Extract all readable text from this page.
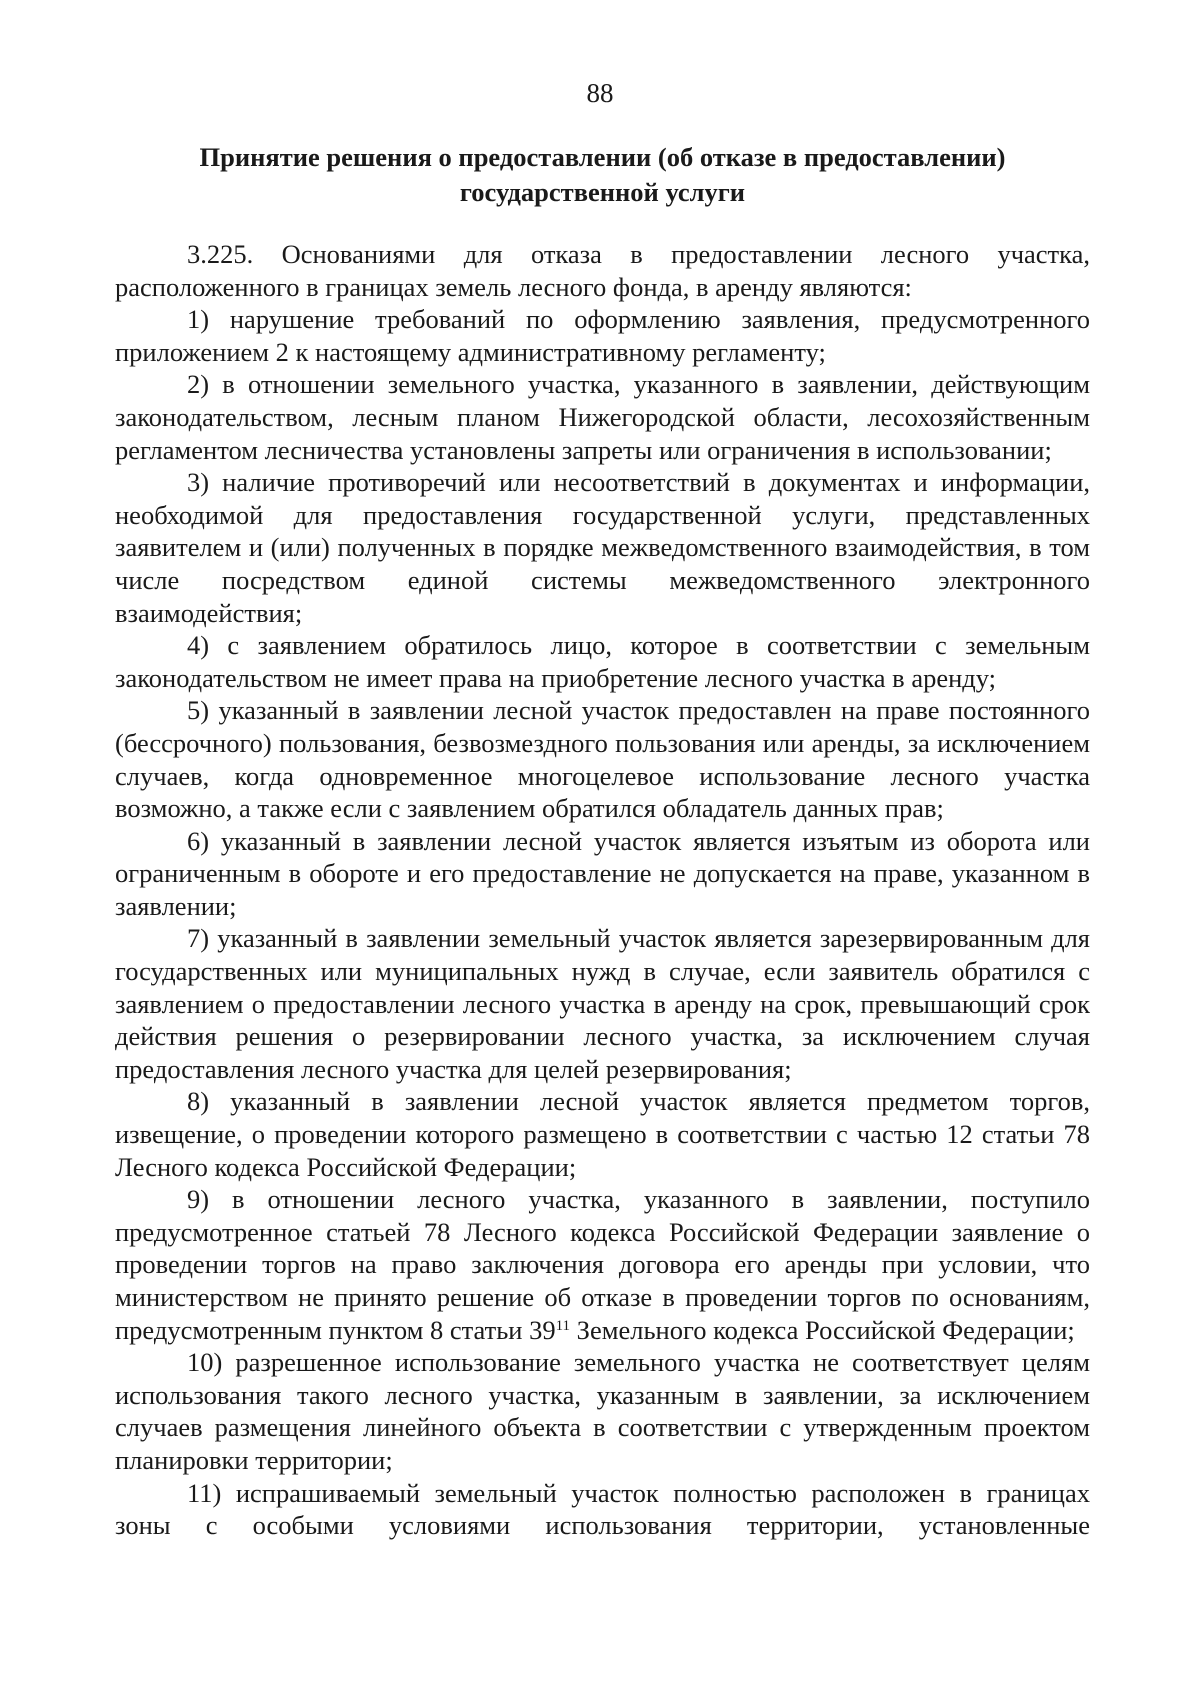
88
Принятие решения о предоставлении (об отказе в предоставлении) государственной услуги

3.225. Основаниями для отказа в предоставлении лесного участка, расположенного в границах земель лесного фонда, в аренду являются:

1) нарушение требований по оформлению заявления, предусмотренного приложением 2 к настоящему административному регламенту;

2) в отношении земельного участка, указанного в заявлении, действующим законодательством, лесным планом Нижегородской области, лесохозяйственным регламентом лесничества установлены запреты или ограничения в использовании;

3) наличие противоречий или несоответствий в документах и информации, необходимой для предоставления государственной услуги, представленных заявителем и (или) полученных в порядке межведомственного взаимодействия, в том числе посредством единой системы межведомственного электронного взаимодействия;

4) с заявлением обратилось лицо, которое в соответствии с земельным законодательством не имеет права на приобретение лесного участка в аренду;

5) указанный в заявлении лесной участок предоставлен на праве постоянного (бессрочного) пользования, безвозмездного пользования или аренды, за исключением случаев, когда одновременное многоцелевое использование лесного участка возможно, а также если с заявлением обратился обладатель данных прав;

6) указанный в заявлении лесной участок является изъятым из оборота или ограниченным в обороте и его предоставление не допускается на праве, указанном в заявлении;

7) указанный в заявлении земельный участок является зарезервированным для государственных или муниципальных нужд в случае, если заявитель обратился с заявлением о предоставлении лесного участка в аренду на срок, превышающий срок действия решения о резервировании лесного участка, за исключением случая предоставления лесного участка для целей резервирования;

8) указанный в заявлении лесной участок является предметом торгов, извещение, о проведении которого размещено в соответствии с частью 12 статьи 78 Лесного кодекса Российской Федерации;

9) в отношении лесного участка, указанного в заявлении, поступило предусмотренное статьей 78 Лесного кодекса Российской Федерации заявление о проведении торгов на право заключения договора его аренды при условии, что министерством не принято решение об отказе в проведении торгов по основаниям, предусмотренным пунктом 8 статьи $39^{11}$ Земельного кодекса Российской Федерации;

10) разрешенное использование земельного участка не соответствует целям использования такого лесного участка, указанным в заявлении, за исключением случаев размещения линейного объекта в соответствии с утвержденным проектом планировки территории;

11) испрашиваемый земельный участок полностью расположен в границах зоны с особыми условиями использования территории, установленные
